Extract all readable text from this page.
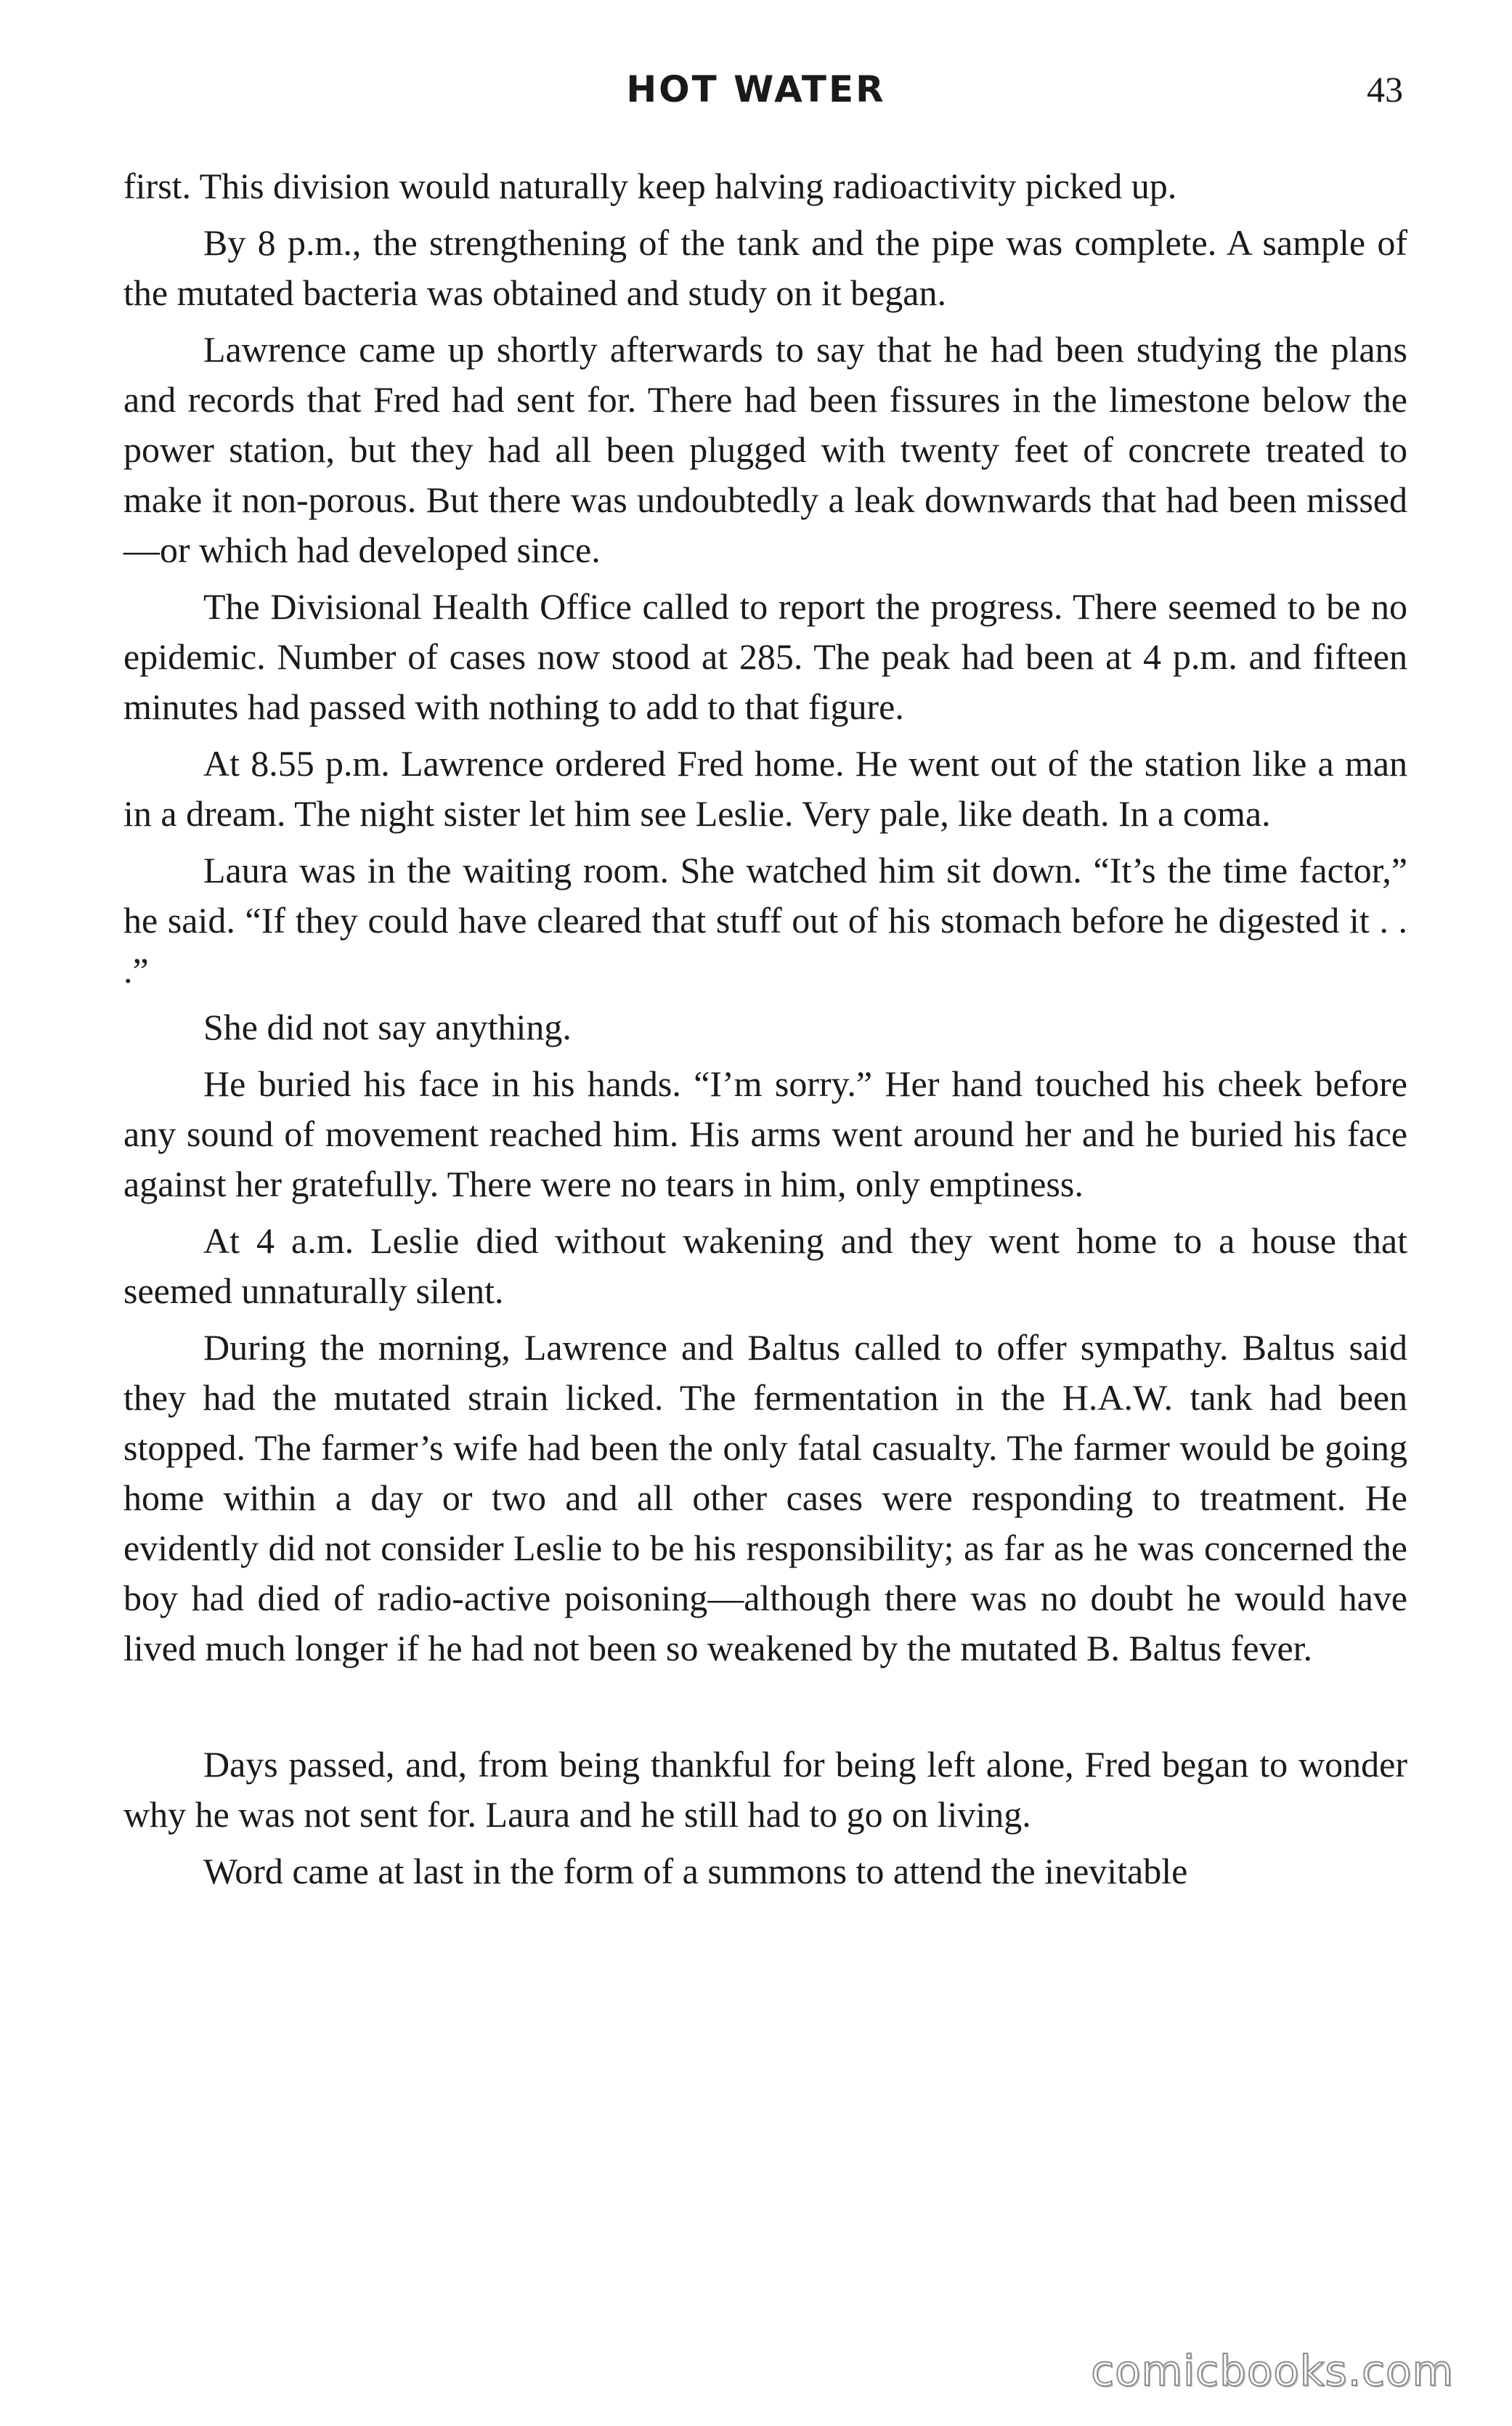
HOT WATER	43

first. This division would naturally keep halving radioactivity picked up.

By 8 p.m., the strengthening of the tank and the pipe was complete. A sample of the mutated bacteria was obtained and study on it began.

Lawrence came up shortly afterwards to say that he had been studying the plans and records that Fred had sent for. There had been fissures in the limestone below the power station, but they had all been plugged with twenty feet of concrete treated to make it non-porous. But there was undoubtedly a leak downwards that had been missed—or which had developed since.

The Divisional Health Office called to report the progress. There seemed to be no epidemic. Number of cases now stood at 285. The peak had been at 4 p.m. and fifteen minutes had passed with nothing to add to that figure.

At 8.55 p.m. Lawrence ordered Fred home. He went out of the station like a man in a dream. The night sister let him see Leslie. Very pale, like death. In a coma.

Laura was in the waiting room. She watched him sit down. “It’s the time factor,” he said. “If they could have cleared that stuff out of his stomach before he digested it . . .”

She did not say anything.

He buried his face in his hands. “I’m sorry.” Her hand touched his cheek before any sound of movement reached him. His arms went around her and he buried his face against her gratefully. There were no tears in him, only emptiness.

At 4 a.m. Leslie died without wakening and they went home to a house that seemed unnaturally silent.

During the morning, Lawrence and Baltus called to offer sympathy. Baltus said they had the mutated strain licked. The fermentation in the H.A.W. tank had been stopped. The farmer’s wife had been the only fatal casualty. The farmer would be going home within a day or two and all other cases were responding to treatment. He evidently did not consider Leslie to be his responsibility; as far as he was concerned the boy had died of radio-active poisoning—although there was no doubt he would have lived much longer if he had not been so weakened by the mutated B. Baltus fever.

Days passed, and, from being thankful for being left alone, Fred began to wonder why he was not sent for. Laura and he still had to go on living.

Word came at last in the form of a summons to attend the inevitable

comicbooks.com
